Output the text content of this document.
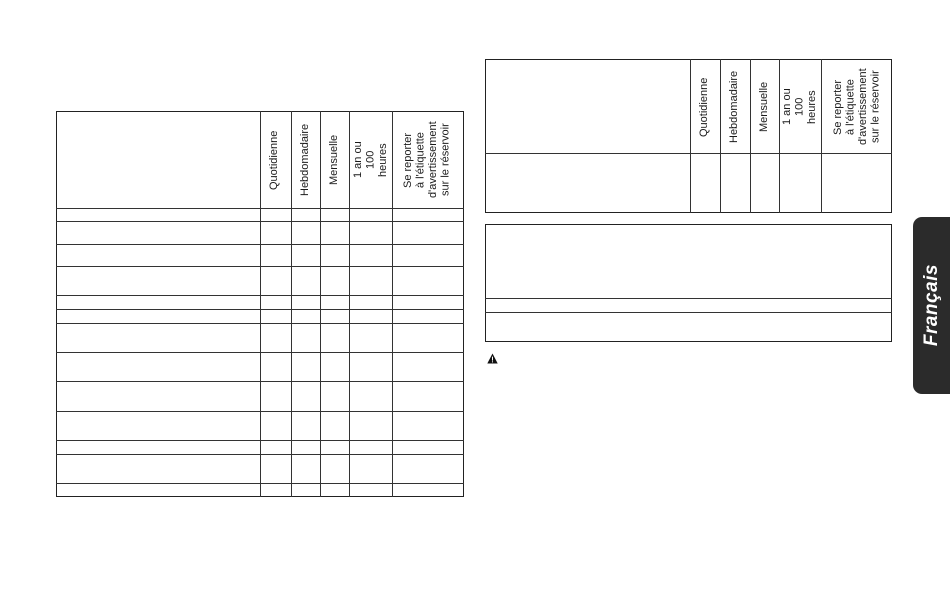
Quotidienne Hebdomadaire Mensuelle 1 an ou
100
heures
Se reporter
à l'étiquette
d'avertissement
sur le réservoir
Quotidienne Hebdomadaire Mensuelle 1 an ou
100
heures
Se reporter
à l'étiquette
d'avertissement
sur le réservoir
Français
